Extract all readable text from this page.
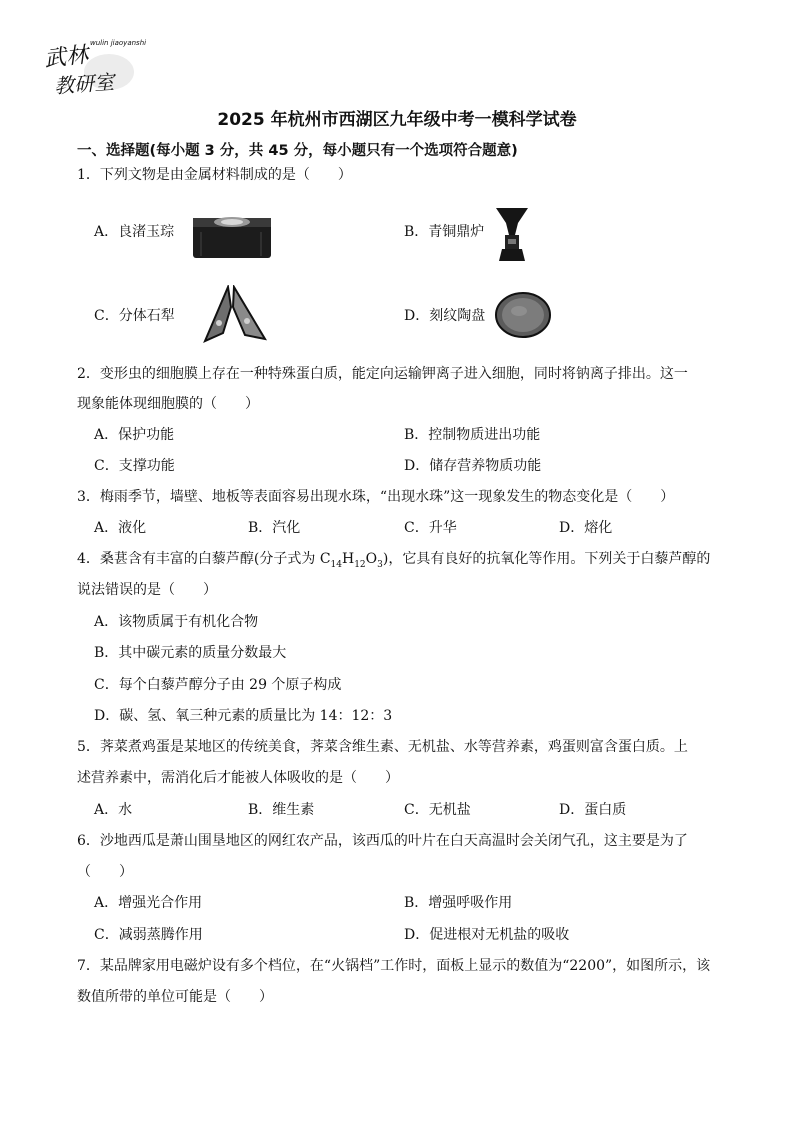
武林 wulin jiaoyanshi
教研室
2025 年杭州市西湖区九年级中考一模科学试卷
一、选择题(每小题 3 分，共 45 分，每小题只有一个选项符合题意)
1．下列文物是由金属材料制成的是（　　）
A．良渚玉琮	B．青铜鼎炉
C．分体石犁	D．刻纹陶盘
2．变形虫的细胞膜上存在一种特殊蛋白质，能定向运输钾离子进入细胞，同时将钠离子排出。这一
现象能体现细胞膜的（　　）
A．保护功能	B．控制物质进出功能
C．支撑功能	D．储存营养物质功能
3．梅雨季节，墙壁、地板等表面容易出现水珠，“出现水珠”这一现象发生的物态变化是（　　）
A．液化	B．汽化	C．升华	D．熔化
4．桑葚含有丰富的白藜芦醇(分子式为 $C_{14}H_{12}O_3$)，它具有良好的抗氧化等作用。下列关于白藜芦醇的
说法错误的是（　　）
A．该物质属于有机化合物
B．其中碳元素的质量分数最大
C．每个白藜芦醇分子由 29 个原子构成
D．碳、氢、氧三种元素的质量比为 14：12：3
5．荠菜煮鸡蛋是某地区的传统美食，荠菜含维生素、无机盐、水等营养素，鸡蛋则富含蛋白质。上
述营养素中，需消化后才能被人体吸收的是（　　）
A．水	B．维生素	C．无机盐	D．蛋白质
6．沙地西瓜是萧山围垦地区的网红农产品，该西瓜的叶片在白天高温时会关闭气孔，这主要是为了
（　　）
A．增强光合作用	B．增强呼吸作用
C．减弱蒸腾作用	D．促进根对无机盐的吸收
7．某品牌家用电磁炉设有多个档位，在“火锅档”工作时，面板上显示的数值为“2200”，如图所示，该
数值所带的单位可能是（　　）
